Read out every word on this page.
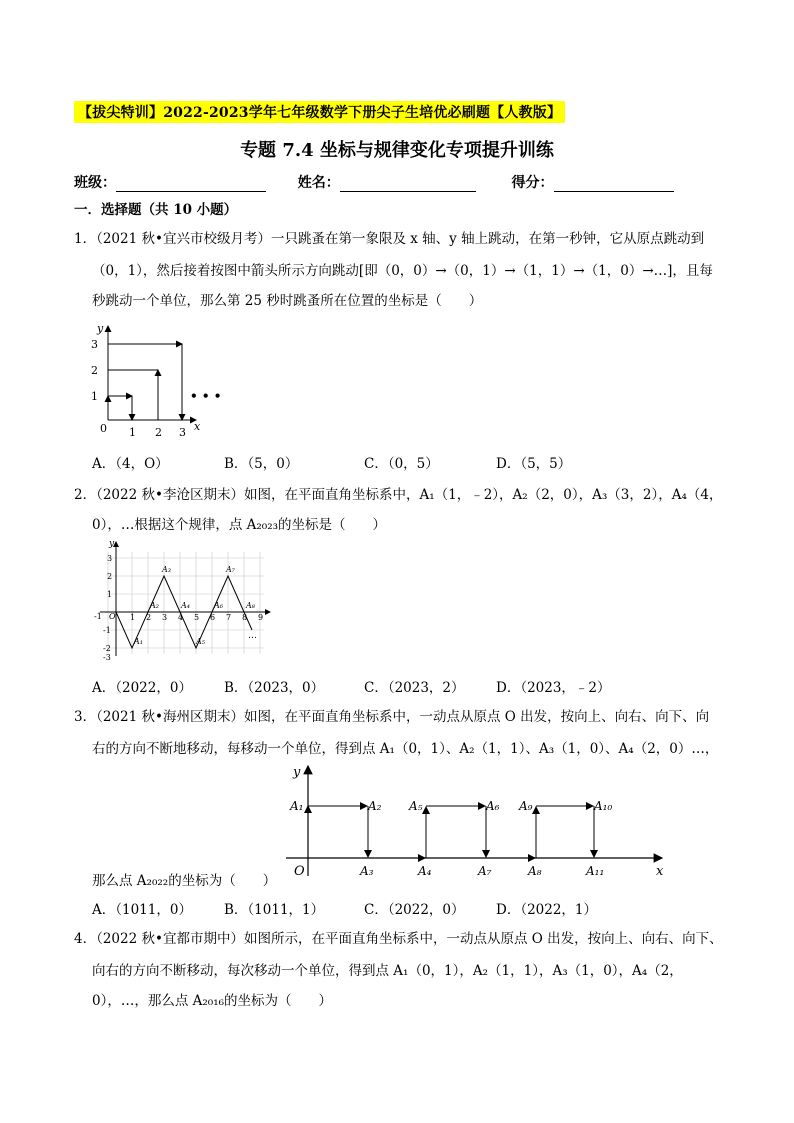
【拔尖特训】2022-2023学年七年级数学下册尖子生培优必刷题【人教版】
专题 7.4 坐标与规律变化专项提升训练
班级：	姓名：	得分：
一．选择题（共 10 小题）
1．（2021 秋•宜兴市校级月考）一只跳蚤在第一象限及 x 轴、y 轴上跳动，在第一秒钟，它从原点跳动到
（0，1），然后接着按图中箭头所示方向跳动[即（0，0）→（0，1）→（1，1）→（1，0）→…]，且每
秒跳动一个单位，那么第 25 秒时跳蚤所在位置的坐标是（　　）
y
x
0 1 2 3
1
2
3
• • •
A．（4，O）	B．（5，0）	C．（0，5）	D．（5，5）
2．（2022 秋•李沧区期末）如图，在平面直角坐标系中，A₁（1，﹣2），A₂（2，0），A₃（3，2），A₄（4，
0），…根据这个规律，点 A₂₀₂₃的坐标是（　　）
y
-1 O 1 2 3 4 5 6 7 8 9
3
2
1
-1
-2
-3
A₁
A₂
A₃
A₄
A₅
A₆
A₇
A₈
…
A．（2022，0） B．（2023，0）	C．（2023，2） D．（2023，﹣2）
3．（2021 秋•海州区期末）如图，在平面直角坐标系中，一动点从原点 O 出发，按向上、向右、向下、向
右的方向不断地移动，每移动一个单位，得到点 A₁（0，1）、A₂（1，1）、A₃（1，0）、A₄（2，0）…，
y
x
O
A₁	A₂ A₅	A₆ A₉	A₁₀
A₃	A₄	A₇	A₈	A₁₁
那么点 A₂₀₂₂的坐标为（　　）
A．（1011，0） B．（1011，1）	C．（2022，0） D．（2022，1）
4．（2022 秋•宜都市期中）如图所示，在平面直角坐标系中，一动点从原点 O 出发，按向上、向右、向下、
向右的方向不断移动，每次移动一个单位，得到点 A₁（0，1），A₂（1，1），A₃（1，0），A₄（2，
0），…，那么点 A₂₀₁₆的坐标为（　　）
